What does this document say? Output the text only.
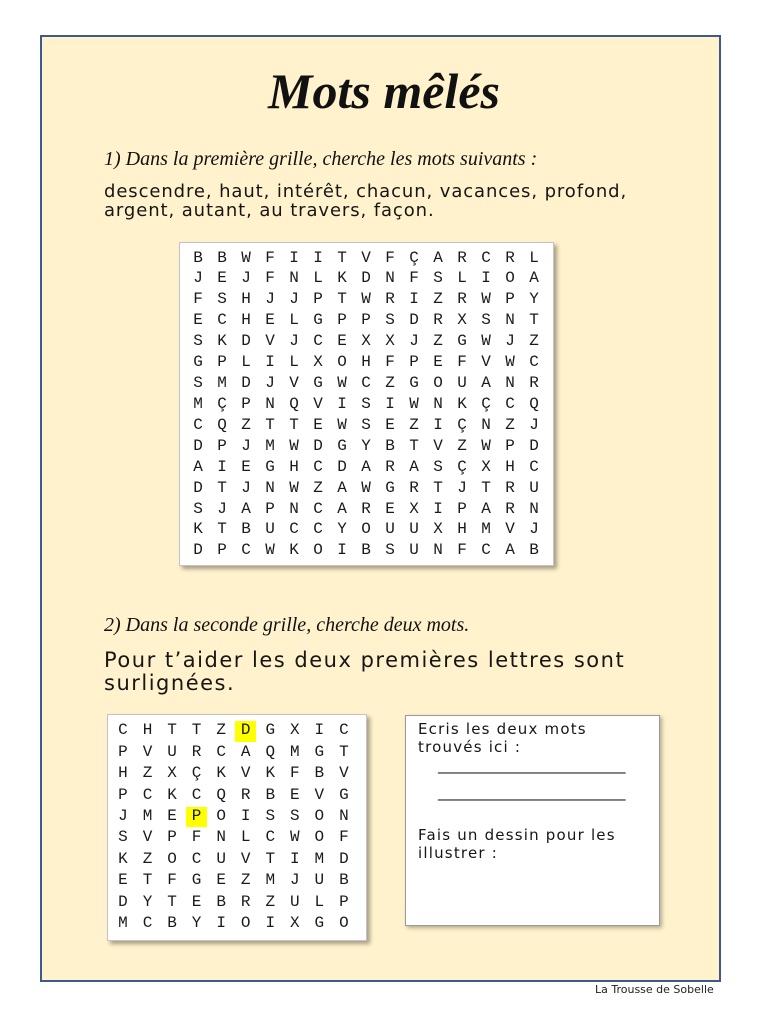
Mots mêlés
1) Dans la première grille, cherche les mots suivants :
descendre, haut, intérêt, chacun, vacances, profond,
argent, autant, au travers, façon.
B B W F I I T V F Ç A R C R L
J E J F N L K D N F S L I O A
F S H J J P T W R I Z R W P Y
E C H E L G P P S D R X S N T
S K D V J C E X X J Z G W J Z
G P L I L X O H F P E F V W C
S M D J V G W C Z G O U A N R
M Ç P N Q V I S I W N K Ç C Q
C Q Z T T E W S E Z I Ç N Z J
D P J M W D G Y B T V Z W P D
A I E G H C D A R A S Ç X H C
D T J N W Z A W G R T J T R U
S J A P N C A R E X I P A R N
K T B U C C Y O U U X H M V J
D P C W K O I B S U N F C A B
2) Dans la seconde grille, cherche deux mots.
Pour t’aider les deux premières lettres sont
surlignées.
C H T T Z D G X I C
P V U R C A Q M G T
H Z X Ç K V K F B V
P C K C Q R B E V G
J M E P O I S S O N
S V P F N L C W O F
K Z O C U V T I M D
E T F G E Z M J U B
D Y T E B R Z U L P
M C B Y I O I X G O
Ecris les deux mots
trouvés ici :
_________________________
_________________________
Fais un dessin pour les
illustrer :
La Trousse de Sobelle
